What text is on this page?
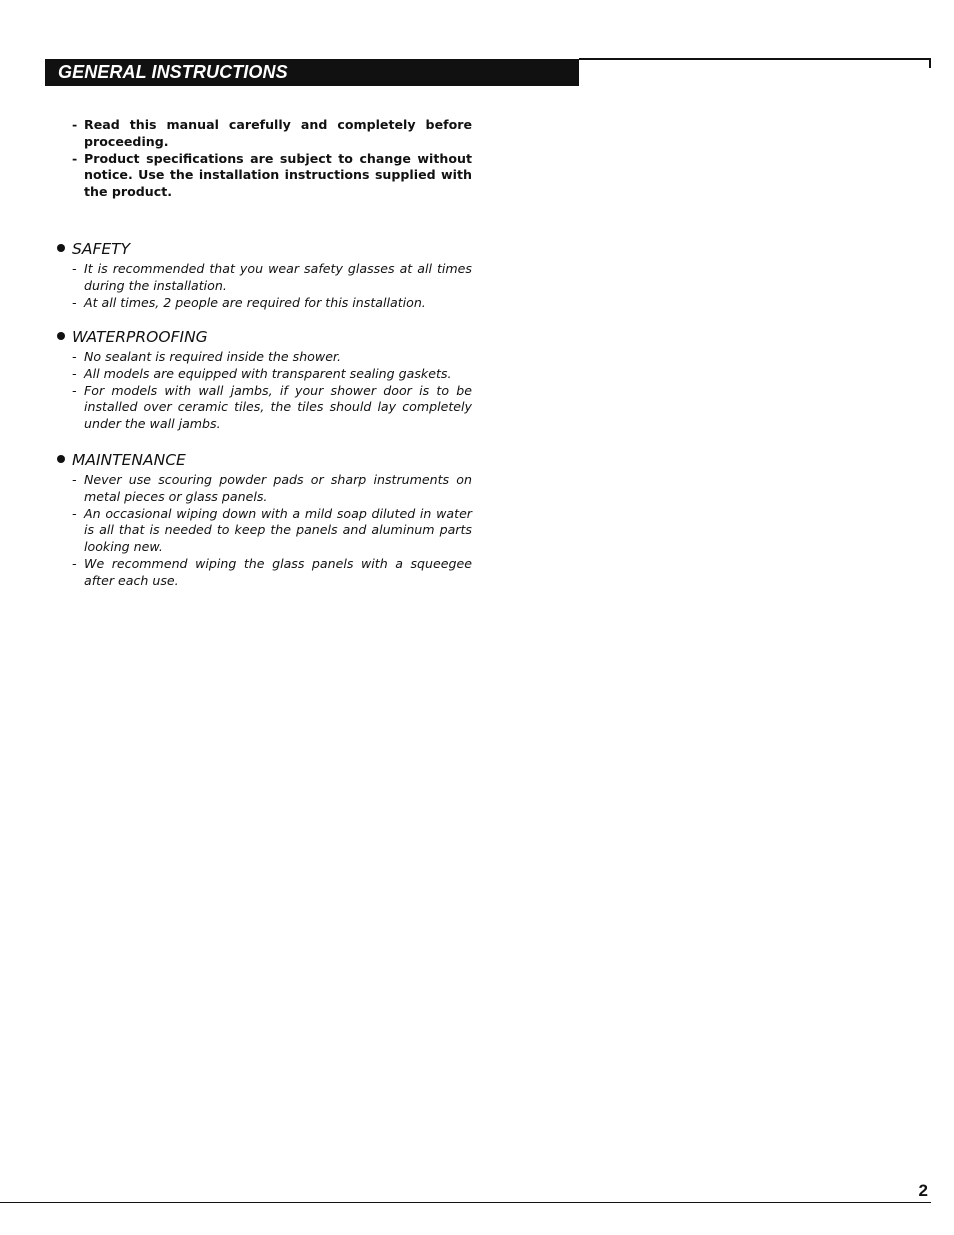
GENERAL INSTRUCTIONS
- Read this manual carefully and completely before proceeding.
- Product specifications are subject to change without notice. Use the installation instructions supplied with the product.
SAFETY
- It is recommended that you wear safety glasses at all times during the installation.
- At all times, 2 people are required for this installation.
WATERPROOFING
- No sealant is required inside the shower.
- All models are equipped with transparent sealing gaskets.
- For models with wall jambs, if your shower door is to be installed over ceramic tiles, the tiles should lay completely under the wall jambs.
MAINTENANCE
- Never use scouring powder pads or sharp instruments on metal pieces or glass panels.
- An occasional wiping down with a mild soap diluted in water is all that is needed to keep the panels and aluminum parts looking new.
- We recommend wiping the glass panels with a squeegee after each use.
2
